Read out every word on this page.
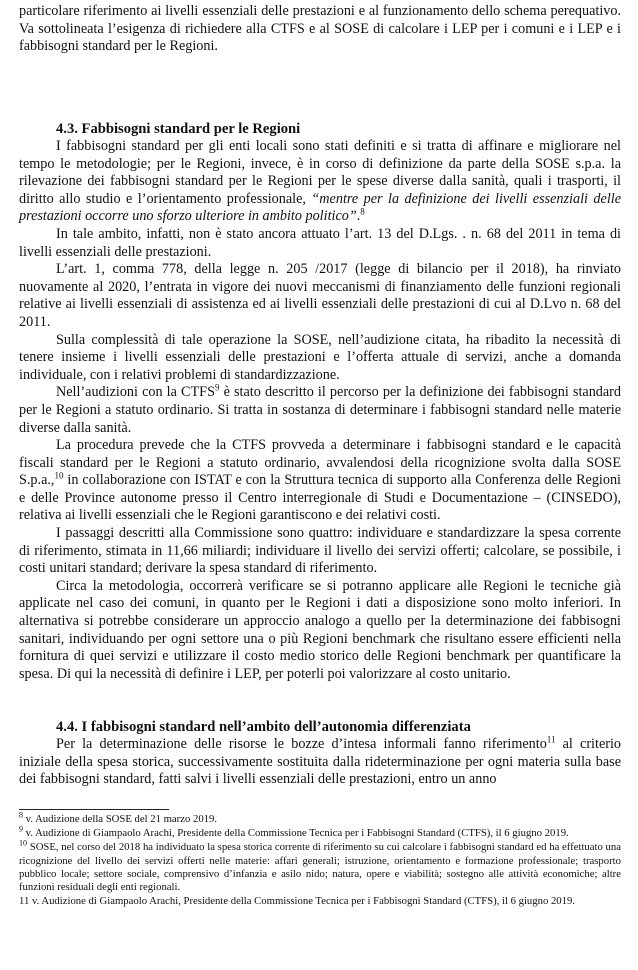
particolare riferimento ai livelli essenziali delle prestazioni e al funzionamento dello schema perequativo. Va sottolineata l’esigenza di richiedere alla CTFS e al SOSE di calcolare i LEP per i comuni e i LEP e i fabbisogni standard per le Regioni.

4.3. Fabbisogni standard per le Regioni

I fabbisogni standard per gli enti locali sono stati definiti e si tratta di affinare e migliorare nel tempo le metodologie; per le Regioni, invece, è in corso di definizione da parte della SOSE s.p.a. la rilevazione dei fabbisogni standard per le Regioni per le spese diverse dalla sanità, quali i trasporti, il diritto allo studio e l’orientamento professionale, “mentre per la definizione dei livelli essenziali delle prestazioni occorre uno sforzo ulteriore in ambito politico”.$^8$

In tale ambito, infatti, non è stato ancora attuato l’art. 13 del D.Lgs. . n. 68 del 2011 in tema di livelli essenziali delle prestazioni.

L’art. 1, comma 778, della legge n. 205 /2017 (legge di bilancio per il 2018), ha rinviato nuovamente al 2020, l’entrata in vigore dei nuovi meccanismi di finanziamento delle funzioni regionali relative ai livelli essenziali di assistenza ed ai livelli essenziali delle prestazioni di cui al D.Lvo n. 68 del 2011.

Sulla complessità di tale operazione la SOSE, nell’audizione citata, ha ribadito la necessità di tenere insieme i livelli essenziali delle prestazioni e l’offerta attuale di servizi, anche a domanda individuale, con i relativi problemi di standardizzazione.

Nell’audizioni con la CTFS$^9$ è stato descritto il percorso per la definizione dei fabbisogni standard per le Regioni a statuto ordinario. Si tratta in sostanza di determinare i fabbisogni standard nelle materie diverse dalla sanità.

La procedura prevede che la CTFS provveda a determinare i fabbisogni standard e le capacità fiscali standard per le Regioni a statuto ordinario, avvalendosi della ricognizione svolta dalla SOSE S.p.a.,$^{10}$ in collaborazione con ISTAT e con la Struttura tecnica di supporto alla Conferenza delle Regioni e delle Province autonome presso il Centro interregionale di Studi e Documentazione – (CINSEDO), relativa ai livelli essenziali che le Regioni garantiscono e dei relativi costi.

I passaggi descritti alla Commissione sono quattro: individuare e standardizzare la spesa corrente di riferimento, stimata in 11,66 miliardi; individuare il livello dei servizi offerti; calcolare, se possibile, i costi unitari standard; derivare la spesa standard di riferimento.

Circa la metodologia, occorrerà verificare se si potranno applicare alle Regioni le tecniche già applicate nel caso dei comuni, in quanto per le Regioni i dati a disposizione sono molto inferiori. In alternativa si potrebbe considerare un approccio analogo a quello per la determinazione dei fabbisogni sanitari, individuando per ogni settore una o più Regioni benchmark che risultano essere efficienti nella fornitura di quei servizi e utilizzare il costo medio storico delle Regioni benchmark per quantificare la spesa. Di qui la necessità di definire i LEP, per poterli poi valorizzare al costo unitario.

4.4. I fabbisogni standard nell’ambito dell’autonomia differenziata

Per la determinazione delle risorse le bozze d’intesa informali fanno riferimento$^{11}$ al criterio iniziale della spesa storica, successivamente sostituita dalla rideterminazione per ogni materia sulla base dei fabbisogni standard, fatti salvi i livelli essenziali delle prestazioni, entro un anno

$^8$ v. Audizione della SOSE del 21 marzo 2019.

$^9$ v. Audizione di Giampaolo Arachi, Presidente della Commissione Tecnica per i Fabbisogni Standard (CTFS), il 6 giugno 2019.

$^{10}$ SOSE, nel corso del 2018 ha individuato la spesa storica corrente di riferimento su cui calcolare i fabbisogni standard ed ha effettuato una ricognizione del livello dei servizi offerti nelle materie: affari generali; istruzione, orientamento e formazione professionale; trasporto pubblico locale; settore sociale, comprensivo d’infanzia e asilo nido; natura, opere e viabilità; sostegno alle attività economiche; altre funzioni residuali degli enti regionali.

11 v. Audizione di Giampaolo Arachi, Presidente della Commissione Tecnica per i Fabbisogni Standard (CTFS), il 6 giugno 2019.
